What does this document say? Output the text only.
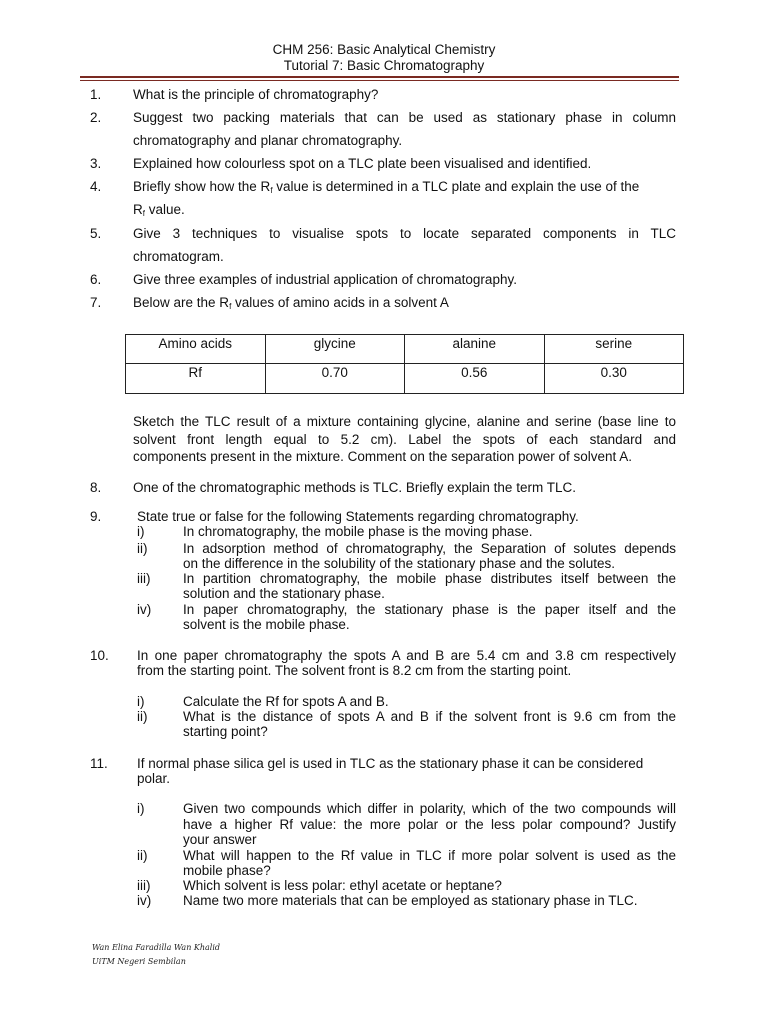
CHM 256: Basic Analytical Chemistry
Tutorial 7: Basic Chromatography
1. What is the principle of chromatography?
2. Suggest two packing materials that can be used as stationary phase in column
chromatography and planar chromatography.
3. Explained how colourless spot on a TLC plate been visualised and identified.
4. Briefly show how the $R_f$ value is determined in a TLC plate and explain the use of the
$R_f$ value.
5. Give 3 techniques to visualise spots to locate separated components in TLC
chromatogram.
6. Give three examples of industrial application of chromatography.
7. Below are the $R_f$ values of amino acids in a solvent A
Amino acids	glycine	alanine	serine
Rf	0.70	0.56	0.30
Sketch the TLC result of a mixture containing glycine, alanine and serine (base line to
solvent front length equal to 5.2 cm). Label the spots of each standard and
components present in the mixture. Comment on the separation power of solvent A.
8. One of the chromatographic methods is TLC. Briefly explain the term TLC.
9.	State true or false for the following Statements regarding chromatography.
i)	In chromatography, the mobile phase is the moving phase.
ii)	In adsorption method of chromatography, the Separation of solutes depends
on the difference in the solubility of the stationary phase and the solutes.
iii) In partition chromatography, the mobile phase distributes itself between the
solution and the stationary phase.
iv) In paper chromatography, the stationary phase is the paper itself and the
solvent is the mobile phase.
10. In one paper chromatography the spots A and B are 5.4 cm and 3.8 cm respectively
from the starting point. The solvent front is 8.2 cm from the starting point.
i)	Calculate the Rf for spots A and B.
ii)	What is the distance of spots A and B if the solvent front is 9.6 cm from the
starting point?
11. If normal phase silica gel is used in TLC as the stationary phase it can be considered
polar.
i)	Given two compounds which differ in polarity, which of the two compounds will
have a higher Rf value: the more polar or the less polar compound? Justify
your answer
ii)	What will happen to the Rf value in TLC if more polar solvent is used as the
mobile phase?
iii) Which solvent is less polar: ethyl acetate or heptane?
iv) Name two more materials that can be employed as stationary phase in TLC.
Wan Elina Faradilla Wan Khalid
UiTM Negeri Sembilan
